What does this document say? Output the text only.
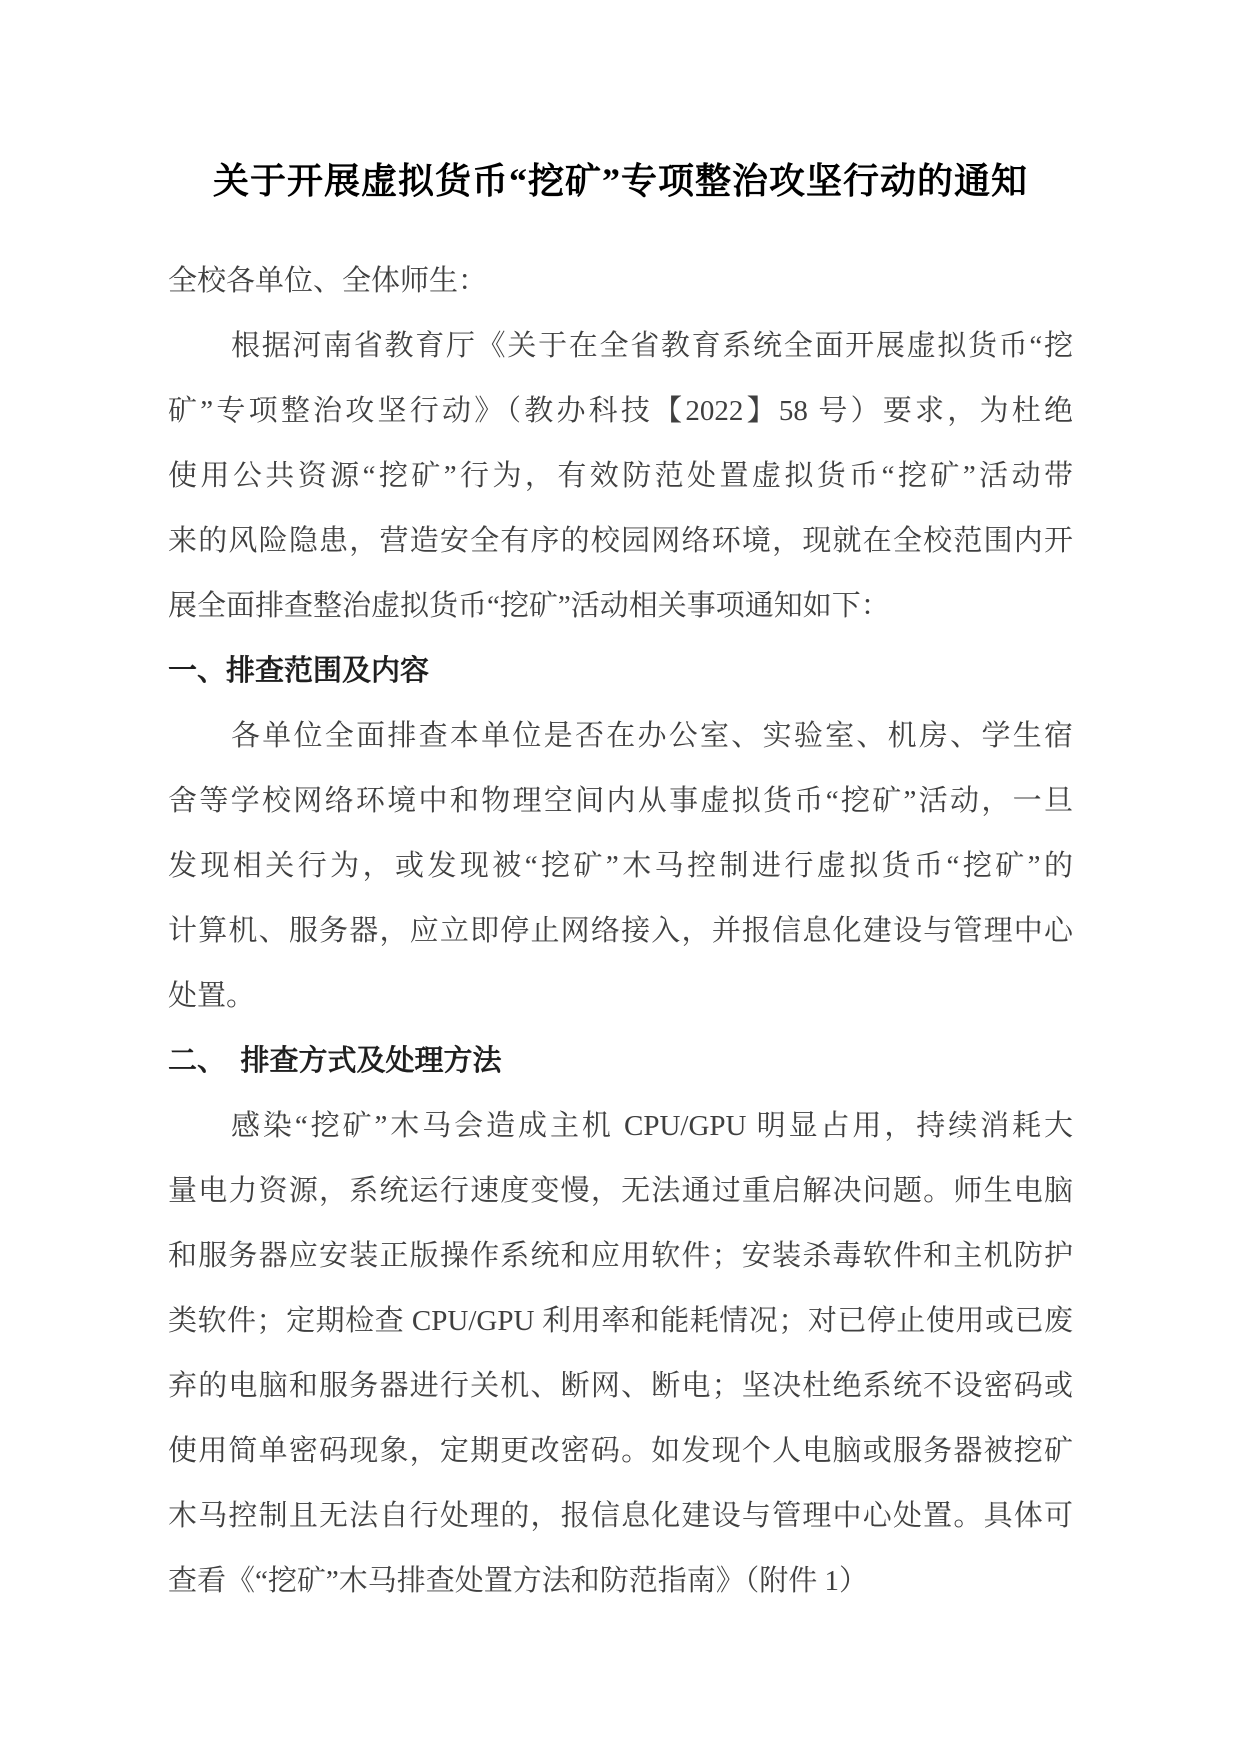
关于开展虚拟货币“挖矿”专项整治攻坚行动的通知
全校各单位、全体师生：
根据河南省教育厅《关于在全省教育系统全面开展虚拟货币“挖
矿”专项整治攻坚行动》（教办科技【2022】58 号）要求，为杜绝
使用公共资源“挖矿”行为，有效防范处置虚拟货币“挖矿”活动带
来的风险隐患，营造安全有序的校园网络环境，现就在全校范围内开
展全面排查整治虚拟货币“挖矿”活动相关事项通知如下：
一、排查范围及内容
各单位全面排查本单位是否在办公室、实验室、机房、学生宿
舍等学校网络环境中和物理空间内从事虚拟货币“挖矿”活动，一旦
发现相关行为，或发现被“挖矿”木马控制进行虚拟货币“挖矿”的
计算机、服务器，应立即停止网络接入，并报信息化建设与管理中心
处置。
二、　排查方式及处理方法
感染“挖矿”木马会造成主机 CPU/GPU 明显占用，持续消耗大
量电力资源，系统运行速度变慢，无法通过重启解决问题。师生电脑
和服务器应安装正版操作系统和应用软件；安装杀毒软件和主机防护
类软件；定期检查 CPU/GPU 利用率和能耗情况；对已停止使用或已废
弃的电脑和服务器进行关机、断网、断电；坚决杜绝系统不设密码或
使用简单密码现象，定期更改密码。如发现个人电脑或服务器被挖矿
木马控制且无法自行处理的，报信息化建设与管理中心处置。具体可
查看《“挖矿”木马排查处置方法和防范指南》（附件 1）
